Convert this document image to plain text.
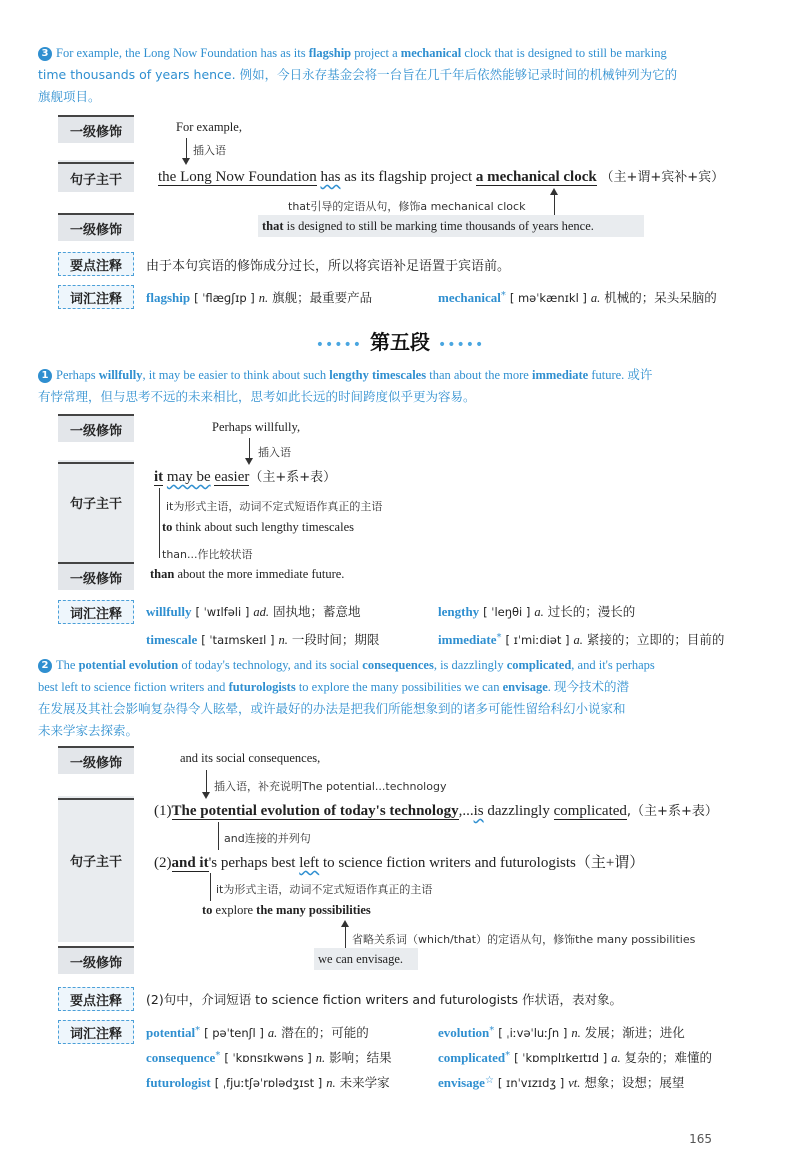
3 For example, the Long Now Foundation has as its flagship project a mechanical clock that is designed to still be marking
time thousands of years hence. 例如，今日永存基金会将一台旨在几千年后依然能够记录时间的机械钟列为它的
旗舰项目。
一级修饰	For example,
插入语
句子主干	the Long Now Foundation has as its flagship project a mechanical clock （主+谓+宾补+宾）
that引导的定语从句，修饰a mechanical clock
一级修饰	that is designed to still be marking time thousands of years hence.
要点注释	由于本句宾语的修饰成分过长，所以将宾语补足语置于宾语前。
词汇注释	flagship [ ˈflæɡʃɪp ] n. 旗舰；最重要产品	mechanical* [ məˈkænɪkl ] a. 机械的；呆头呆脑的
••••• 第五段 •••••
1 Perhaps willfully, it may be easier to think about such lengthy timescales than about the more immediate future. 或许
有悖常理，但与思考不远的未来相比，思考如此长远的时间跨度似乎更为容易。
一级修饰	Perhaps willfully,
插入语
句子主干
it may be easier（主+系+表）
it为形式主语，动词不定式短语作真正的主语
to think about such lengthy timescales
than...作比较状语
一级修饰	than about the more immediate future.
词汇注释	willfully [ ˈwɪlfəli ] ad. 固执地；蓄意地	lengthy [ ˈleŋθi ] a. 过长的；漫长的
timescale [ ˈtaɪmskeɪl ] n. 一段时间；期限	immediate* [ ɪˈmiːdiət ] a. 紧接的；立即的；目前的
2 The potential evolution of today's technology, and its social consequences, is dazzlingly complicated, and it's perhaps
best left to science fiction writers and futurologists to explore the many possibilities we can envisage. 现今技术的潜
在发展及其社会影响复杂得令人眩晕，或许最好的办法是把我们所能想象到的诸多可能性留给科幻小说家和
未来学家去探索。
一级修饰	and its social consequences,
插入语，补充说明The potential...technology
句子主干
(1)The potential evolution of today's technology,...is dazzlingly complicated,（主+系+表）
and连接的并列句
(2)and it's perhaps best left to science fiction writers and futurologists（主+谓）
it为形式主语，动词不定式短语作真正的主语
to explore the many possibilities
省略关系词（which/that）的定语从句，修饰the many possibilities
一级修饰	we can envisage.
要点注释	(2)句中，介词短语 to science fiction writers and futurologists 作状语，表对象。
词汇注释	potential* [ pəˈtenʃl ] a. 潜在的；可能的	evolution* [ ˌiːvəˈluːʃn ] n. 发展；渐进；进化
consequence* [ ˈkɒnsɪkwəns ] n. 影响；结果	complicated* [ ˈkɒmplɪkeɪtɪd ] a. 复杂的；难懂的
futurologist [ ˌfjuːtʃəˈrɒlədʒɪst ] n. 未来学家	envisage☆ [ ɪnˈvɪzɪdʒ ] vt. 想象；设想；展望
165
